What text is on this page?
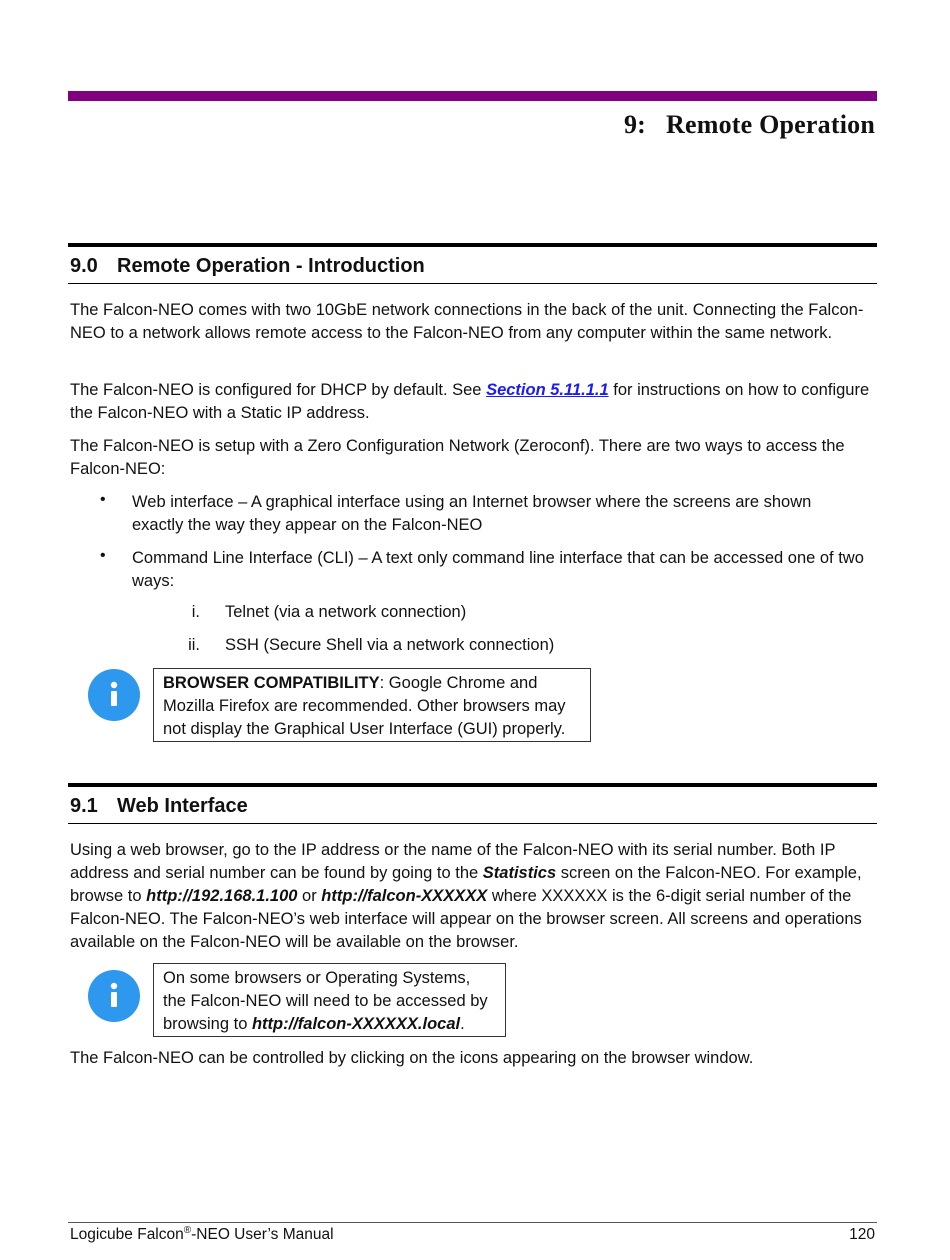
9: Remote Operation
9.0 Remote Operation - Introduction

The Falcon-NEO comes with two 10GbE network connections in the back of the unit. Connecting the Falcon-NEO to a network allows remote access to the Falcon-NEO from any computer within the same network.

The Falcon-NEO is configured for DHCP by default. See Section 5.11.1.1 for instructions on how to configure the Falcon-NEO with a Static IP address.

The Falcon-NEO is setup with a Zero Configuration Network (Zeroconf). There are two ways to access the Falcon-NEO:

• Web interface – A graphical interface using an Internet browser where the screens are shown exactly the way they appear on the Falcon-NEO
• Command Line Interface (CLI) – A text only command line interface that can be accessed one of two ways:
i. Telnet (via a network connection)
ii. SSH (Secure Shell via a network connection)
BROWSER COMPATIBILITY: Google Chrome and Mozilla Firefox are recommended. Other browsers may not display the Graphical User Interface (GUI) properly.
9.1 Web Interface

Using a web browser, go to the IP address or the name of the Falcon-NEO with its serial number. Both IP address and serial number can be found by going to the Statistics screen on the Falcon-NEO. For example, browse to http://192.168.1.100 or http://falcon-XXXXXX where XXXXXX is the 6-digit serial number of the Falcon-NEO. The Falcon-NEO’s web interface will appear on the browser screen. All screens and operations available on the Falcon-NEO will be available on the browser.

On some browsers or Operating Systems, the Falcon-NEO will need to be accessed by browsing to http://falcon-XXXXXX.local.

The Falcon-NEO can be controlled by clicking on the icons appearing on the browser window.

Logicube Falcon®-NEO User’s Manual	120
